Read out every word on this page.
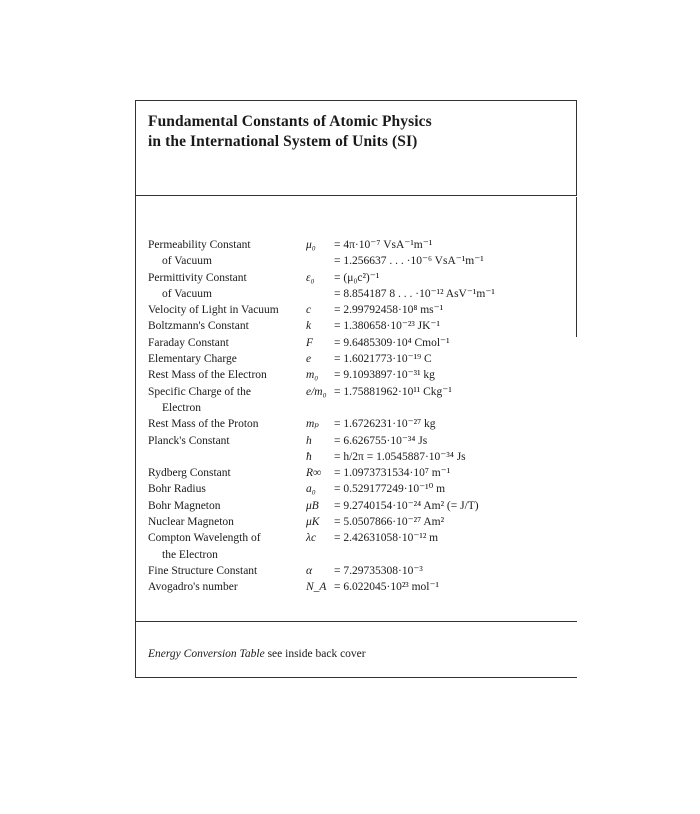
Fundamental Constants of Atomic Physics
in the International System of Units (SI)
Permeability Constant	μ₀ = 4π·10⁻⁷ VsA⁻¹m⁻¹
of Vacuum	= 1.256637 . . . ·10⁻⁶ VsA⁻¹m⁻¹
Permittivity Constant	ε₀ = (μ₀c²)⁻¹
of Vacuum	= 8.854187 8 . . . ·10⁻¹² AsV⁻¹m⁻¹
Velocity of Light in Vacuum c = 2.99792458·10⁸ ms⁻¹
Boltzmann's Constant	k = 1.380658·10⁻²³ JK⁻¹
Faraday Constant	F = 9.6485309·10⁴ Cmol⁻¹
Elementary Charge	e = 1.6021773·10⁻¹⁹ C
Rest Mass of the Electron	m₀ = 9.1093897·10⁻³¹ kg
Specific Charge of the	e/m₀ = 1.75881962·10¹¹ Ckg⁻¹
Electron
Rest Mass of the Proton	mₚ = 1.6726231·10⁻²⁷ kg
Planck's Constant	h = 6.626755·10⁻³⁴ Js
ħ = h/2π = 1.0545887·10⁻³⁴ Js
Rydberg Constant	R∞ = 1.0973731534·10⁷ m⁻¹
Bohr Radius	a₀ = 0.529177249·10⁻¹⁰ m
Bohr Magneton	μB = 9.2740154·10⁻²⁴ Am² (= J/T)
Nuclear Magneton	μK = 5.0507866·10⁻²⁷ Am²
Compton Wavelength of	λc = 2.42631058·10⁻¹² m
the Electron
Fine Structure Constant	α = 7.29735308·10⁻³
Avogadro's number	N_A = 6.022045·10²³ mol⁻¹
Energy Conversion Table see inside back cover
